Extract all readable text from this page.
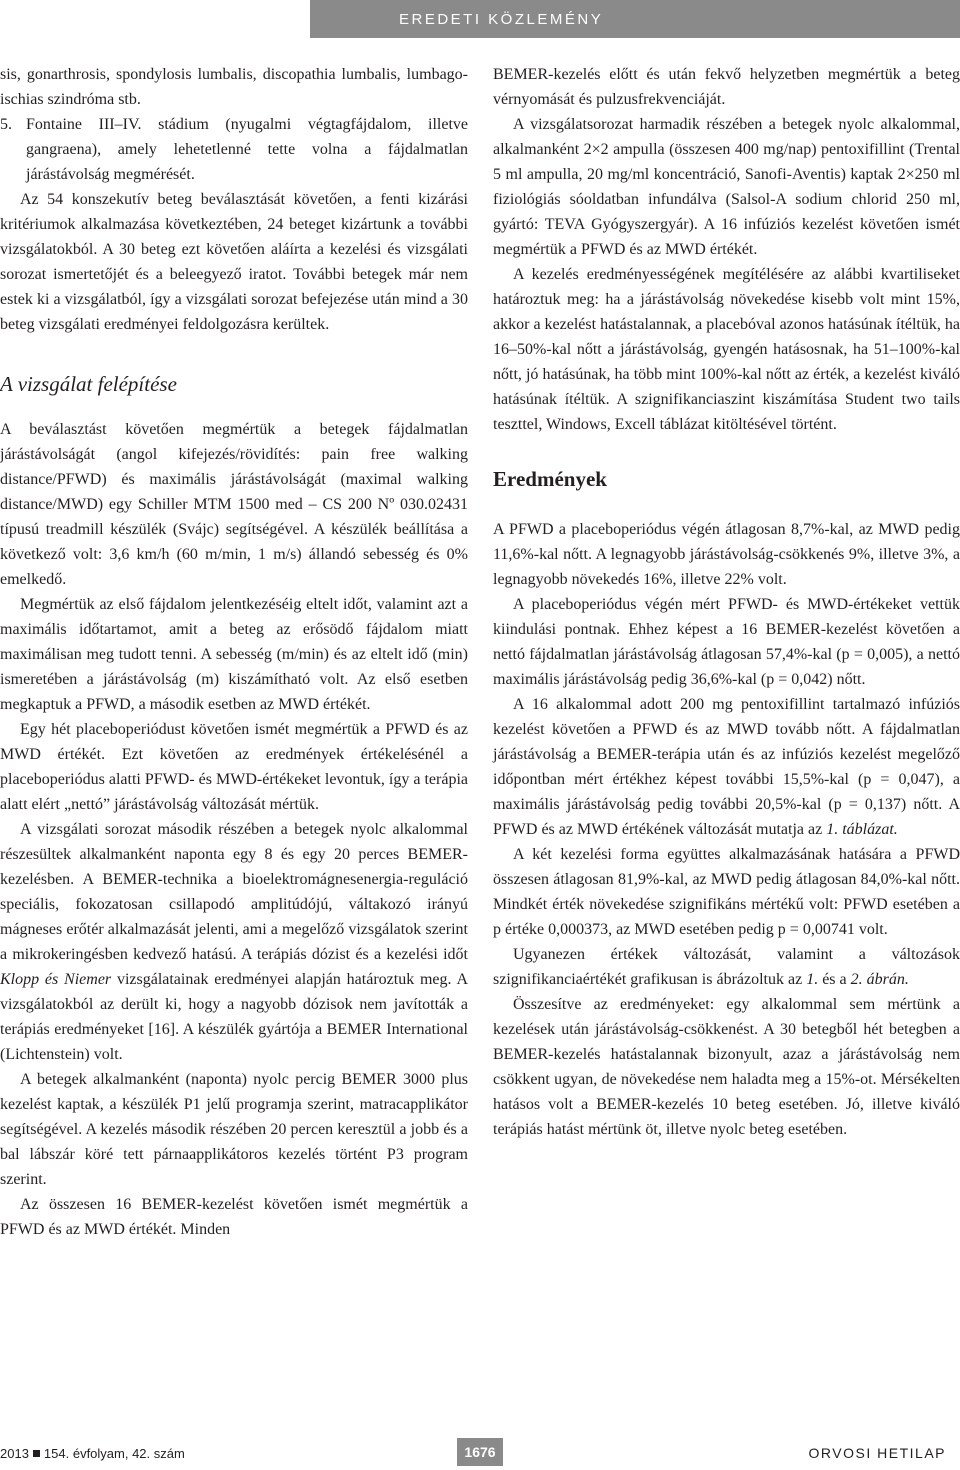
EREDETI KÖZLEMÉNY

sis, gonarthrosis, spondylosis lumbalis, discopathia lumbalis, lumbago-ischias szindróma stb.

5. Fontaine III–IV. stádium (nyugalmi végtagfájdalom, illetve gangraena), amely lehetetlenné tette volna a fájdalmatlan járástávolság megmérését.

Az 54 konszekutív beteg beválasztását követően, a fenti kizárási kritériumok alkalmazása következtében, 24 beteget kizártunk a további vizsgálatokból. A 30 beteg ezt követően aláírta a kezelési és vizsgálati sorozat ismertetőjét és a beleegyező iratot. További betegek már nem estek ki a vizsgálatból, így a vizsgálati sorozat befejezése után mind a 30 beteg vizsgálati eredményei feldolgozásra kerültek.

A vizsgálat felépítése

A beválasztást követően megmértük a betegek fájdalmatlan járástávolságát (angol kifejezés/rövidítés: pain free walking distance/PFWD) és maximális járástávolságát (maximal walking distance/MWD) egy Schiller MTM 1500 med – CS 200 Nº 030.02431 típusú treadmill készülék (Svájc) segítségével. A készülék beállítása a következő volt: 3,6 km/h (60 m/min, 1 m/s) állandó sebesség és 0% emelkedő.

Megmértük az első fájdalom jelentkezéséig eltelt időt, valamint azt a maximális időtartamot, amit a beteg az erősödő fájdalom miatt maximálisan meg tudott tenni. A sebesség (m/min) és az eltelt idő (min) ismeretében a járástávolság (m) kiszámítható volt. Az első esetben megkaptuk a PFWD, a második esetben az MWD értékét.

Egy hét placeboperiódust követően ismét megmértük a PFWD és az MWD értékét. Ezt követően az eredmények értékelésénél a placeboperiódus alatti PFWD- és MWD-értékeket levontuk, így a terápia alatt elért „nettó” járástávolság változását mértük.

A vizsgálati sorozat második részében a betegek nyolc alkalommal részesültek alkalmanként naponta egy 8 és egy 20 perces BEMER-kezelésben. A BEMER-technika a bioelektromágnesenergia-reguláció speciális, fokozatosan csillapodó amplitúdójú, váltakozó irányú mágneses erőtér alkalmazását jelenti, ami a megelőző vizsgálatok szerint a mikrokeringésben kedvező hatású. A terápiás dózist és a kezelési időt Klopp és Niemer vizsgálatainak eredményei alapján határoztuk meg. A vizsgálatokból az derült ki, hogy a nagyobb dózisok nem javították a terápiás eredményeket [16]. A készülék gyártója a BEMER International (Lichtenstein) volt.

A betegek alkalmanként (naponta) nyolc percig BEMER 3000 plus kezelést kaptak, a készülék P1 jelű programja szerint, matracapplikátor segítségével. A kezelés második részében 20 percen keresztül a jobb és a bal lábszár köré tett párnaapplikátoros kezelés történt P3 program szerint.

Az összesen 16 BEMER-kezelést követően ismét megmértük a PFWD és az MWD értékét. Minden

BEMER-kezelés előtt és után fekvő helyzetben megmértük a beteg vérnyomását és pulzusfrekvenciáját.

A vizsgálatsorozat harmadik részében a betegek nyolc alkalommal, alkalmanként 2×2 ampulla (összesen 400 mg/nap) pentoxifillint (Trental 5 ml ampulla, 20 mg/ml koncentráció, Sanofi-Aventis) kaptak 2×250 ml fiziológiás sóoldatban infundálva (Salsol-A sodium chlorid 250 ml, gyártó: TEVA Gyógyszergyár). A 16 infúziós kezelést követően ismét megmértük a PFWD és az MWD értékét.

A kezelés eredményességének megítélésére az alábbi kvartiliseket határoztuk meg: ha a járástávolság növekedése kisebb volt mint 15%, akkor a kezelést hatástalannak, a placebóval azonos hatásúnak ítéltük, ha 16–50%-kal nőtt a járástávolság, gyengén hatásosnak, ha 51–100%-kal nőtt, jó hatásúnak, ha több mint 100%-kal nőtt az érték, a kezelést kiváló hatásúnak ítéltük. A szignifikanciaszint kiszámítása Student two tails teszttel, Windows, Excell táblázat kitöltésével történt.

Eredmények

A PFWD a placeboperiódus végén átlagosan 8,7%-kal, az MWD pedig 11,6%-kal nőtt. A legnagyobb járástávolság-csökkenés 9%, illetve 3%, a legnagyobb növekedés 16%, illetve 22% volt.

A placeboperiódus végén mért PFWD- és MWD-értékeket vettük kiindulási pontnak. Ehhez képest a 16 BEMER-kezelést követően a nettó fájdalmatlan járástávolság átlagosan 57,4%-kal (p = 0,005), a nettó maximális járástávolság pedig 36,6%-kal (p = 0,042) nőtt.

A 16 alkalommal adott 200 mg pentoxifillint tartalmazó infúziós kezelést követően a PFWD és az MWD tovább nőtt. A fájdalmatlan járástávolság a BEMER-terápia után és az infúziós kezelést megelőző időpontban mért értékhez képest további 15,5%-kal (p = 0,047), a maximális járástávolság pedig további 20,5%-kal (p = 0,137) nőtt. A PFWD és az MWD értékének változását mutatja az 1. táblázat.

A két kezelési forma együttes alkalmazásának hatására a PFWD összesen átlagosan 81,9%-kal, az MWD pedig átlagosan 84,0%-kal nőtt. Mindkét érték növekedése szignifikáns mértékű volt: PFWD esetében a p értéke 0,000373, az MWD esetében pedig p = 0,00741 volt.

Ugyanezen értékek változását, valamint a változások szignifikanciaértékét grafikusan is ábrázoltuk az 1. és a 2. ábrán.

Összesítve az eredményeket: egy alkalommal sem mértünk a kezelések után járástávolság-csökkenést. A 30 betegből hét betegben a BEMER-kezelés hatástalannak bizonyult, azaz a járástávolság nem csökkent ugyan, de növekedése nem haladta meg a 15%-ot. Mérsékelten hatásos volt a BEMER-kezelés 10 beteg esetében. Jó, illetve kiváló terápiás hatást mértünk öt, illetve nyolc beteg esetében.

2013 154. évfolyam, 42. szám	1676	ORVOSI HETILAP
